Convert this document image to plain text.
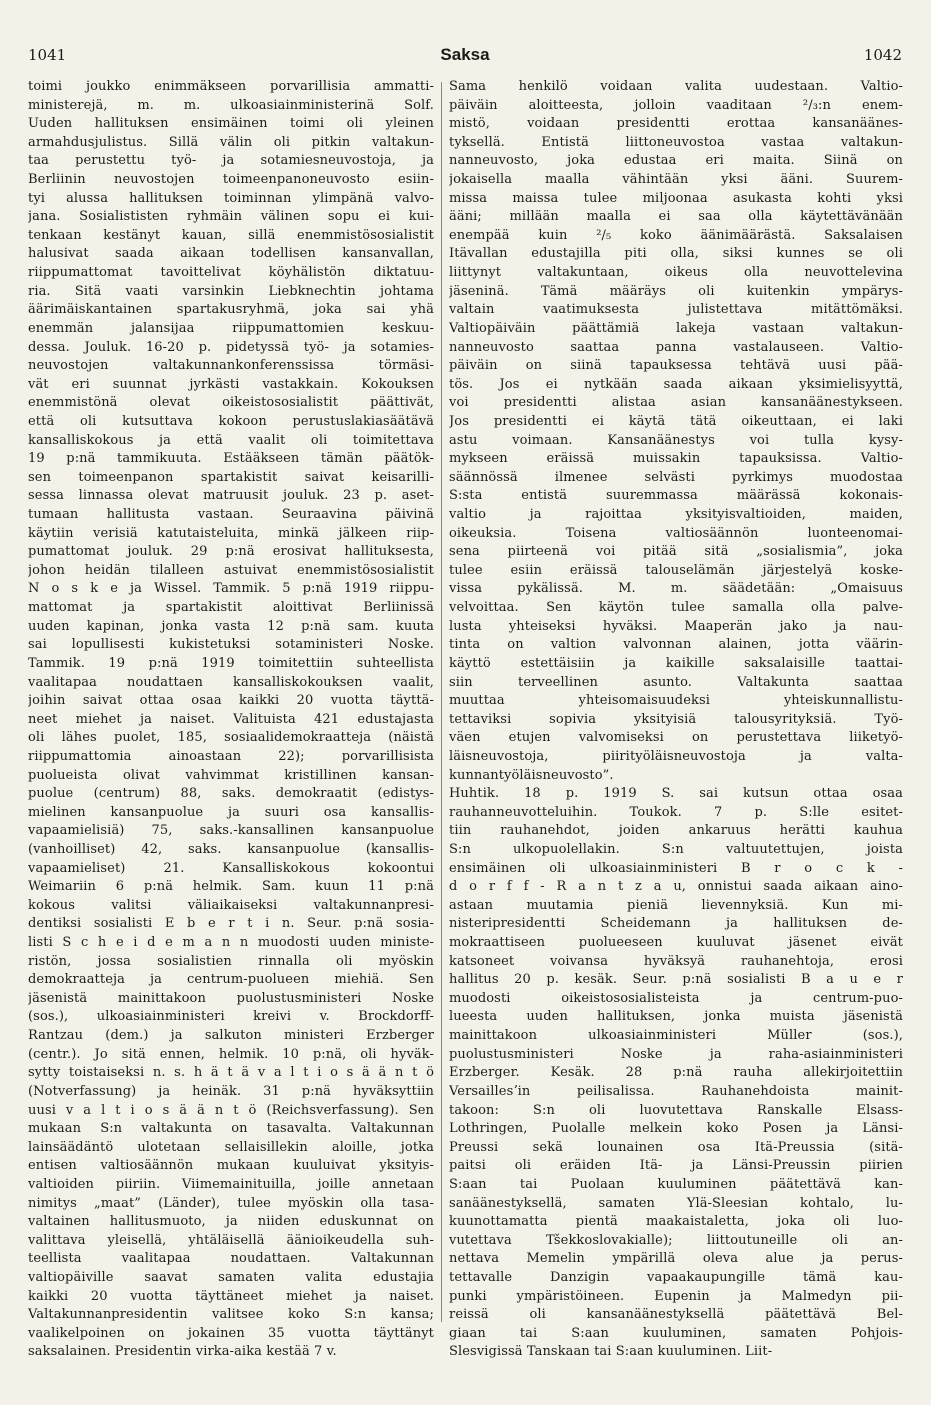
1041	Saksa	1042
toimi joukko enimmäkseen porvarillisia ammatti-
ministerejä, m. m. ulkoasiainministerinä Solf.
Uuden hallituksen ensimäinen toimi oli yleinen
armahdusjulistus. Sillä välin oli pitkin valtakun-
taa perustettu työ- ja sotamiesneuvostoja, ja
Berliinin neuvostojen toimeenpanoneuvosto esiin-
tyi alussa hallituksen toiminnan ylimpänä valvo-
jana. Sosialististen ryhmäin välinen sopu ei kui-
tenkaan kestänyt kauan, sillä enemmistösosialistit
halusivat saada aikaan todellisen kansanvallan,
riippumattomat tavoittelivat köyhälistön diktatuu-
ria. Sitä vaati varsinkin Liebknechtin johtama
äärimäiskantainen spartakusryhmä, joka sai yhä
enemmän jalansijaa riippumattomien keskuu-
dessa. Jouluk. 16-20 p. pidetyssä työ- ja sotamies-
neuvostojen valtakunnankonferenssissa törmäsi-
vät eri suunnat jyrkästi vastakkain. Kokouksen
enemmistönä olevat oikeistososialistit päättivät,
että oli kutsuttava kokoon perustuslakiasäätävä
kansalliskokous ja että vaalit oli toimitettava
19 p:nä tammikuuta. Estääkseen tämän päätök-
sen toimeenpanon spartakistit saivat keisarilli-
sessa linnassa olevat matruusit jouluk. 23 p. aset-
tumaan hallitusta vastaan. Seuraavina päivinä
käytiin verisiä katutaisteluita, minkä jälkeen riip-
pumattomat jouluk. 29 p:nä erosivat hallituksesta,
johon heidän tilalleen astuivat enemmistösosialistit
N o s k e ja Wissel. Tammik. 5 p:nä 1919 riippu-
mattomat ja spartakistit aloittivat Berliinissä
uuden kapinan, jonka vasta 12 p:nä sam. kuuta
sai lopullisesti kukistetuksi sotaministeri Noske.
Tammik. 19 p:nä 1919 toimitettiin suhteellista
vaalitapaa noudattaen kansalliskokouksen vaalit,
joihin saivat ottaa osaa kaikki 20 vuotta täyttä-
neet miehet ja naiset. Valituista 421 edustajasta
oli lähes puolet, 185, sosiaalidemokraatteja (näistä
riippumattomia ainoastaan 22); porvarillisista
puolueista olivat vahvimmat kristillinen kansan-
puolue (centrum) 88, saks. demokraatit (edistys-
mielinen kansanpuolue ja suuri osa kansallis-
vapaamielisiä) 75, saks.-kansallinen kansanpuolue
(vanhoilliset) 42, saks. kansanpuolue (kansallis-
vapaamieliset) 21. Kansalliskokous kokoontui
Weimariin 6 p:nä helmik. Sam. kuun 11 p:nä
kokous valitsi väliaikaiseksi valtakunnanpresi-
dentiksi sosialisti E b e r t i n. Seur. p:nä sosia-
listi S c h e i d e m a n n muodosti uuden ministe-
ristön, jossa sosialistien rinnalla oli myöskin
demokraatteja ja centrum-puolueen miehiä. Sen
jäsenistä mainittakoon puolustusministeri Noske
(sos.), ulkoasiainministeri kreivi v. Brockdorff-
Rantzau (dem.) ja salkuton ministeri Erzberger
(centr.). Jo sitä ennen, helmik. 10 p:nä, oli hyväk-
sytty toistaiseksi n. s. h ä t ä v a l t i o s ä ä n t ö
(Notverfassung) ja heinäk. 31 p:nä hyväksyttiin
uusi v a l t i o s ä ä n t ö (Reichsverfassung). Sen
mukaan S:n valtakunta on tasavalta. Valtakunnan
lainsäädäntö ulotetaan sellaisillekin aloille, jotka
entisen valtiosäännön mukaan kuuluivat yksityis-
valtioiden piiriin. Viimemainituilla, joille annetaan
nimitys „maat” (Länder), tulee myöskin olla tasa-
valtainen hallitusmuoto, ja niiden eduskunnat on
valittava yleisellä, yhtäläisellä äänioikeudella suh-
teellista vaalitapaa noudattaen. Valtakunnan
valtiopäiville saavat samaten valita edustajia
kaikki 20 vuotta täyttäneet miehet ja naiset.
Valtakunnanpresidentin valitsee koko S:n kansa;
vaalikelpoinen on jokainen 35 vuotta täyttänyt
saksalainen. Presidentin virka-aika kestää 7 v.
Sama henkilö voidaan valita uudestaan. Valtio-
päiväin aloitteesta, jolloin vaaditaan ²/₃:n enem-
mistö, voidaan presidentti erottaa kansanäänes-
tyksellä. Entistä liittoneuvostoa vastaa valtakun-
nanneuvosto, joka edustaa eri maita. Siinä on
jokaisella maalla vähintään yksi ääni. Suurem-
missa maissa tulee miljoonaa asukasta kohti yksi
ääni; millään maalla ei saa olla käytettävänään
enempää kuin ²/₅ koko äänimäärästä. Saksalaisen
Itävallan edustajilla piti olla, siksi kunnes se oli
liittynyt valtakuntaan, oikeus olla neuvottelevina
jäseninä. Tämä määräys oli kuitenkin ympärys-
valtain vaatimuksesta julistettava mitättömäksi.
Valtiopäiväin päättämiä lakeja vastaan valtakun-
nanneuvosto saattaa panna vastalauseen. Valtio-
päiväin on siinä tapauksessa tehtävä uusi pää-
tös. Jos ei nytkään saada aikaan yksimielisyyttä,
voi presidentti alistaa asian kansanäänestykseen.
Jos presidentti ei käytä tätä oikeuttaan, ei laki
astu voimaan. Kansanäänestys voi tulla kysy-
mykseen eräissä muissakin tapauksissa. Valtio-
säännössä ilmenee selvästi pyrkimys muodostaa
S:sta entistä suuremmassa määrässä kokonais-
valtio ja rajoittaa yksityisvaltioiden, maiden,
oikeuksia. Toisena valtiosäännön luonteenomai-
sena piirteenä voi pitää sitä „sosialismia”, joka
tulee esiin eräissä talouselämän järjestelyä koske-
vissa pykälissä. M. m. säädetään: „Omaisuus
velvoittaa. Sen käytön tulee samalla olla palve-
lusta yhteiseksi hyväksi. Maaperän jako ja nau-
tinta on valtion valvonnan alainen, jotta väärin-
käyttö estettäisiin ja kaikille saksalaisille taattai-
siin terveellinen asunto. Valtakunta saattaa
muuttaa yhteisomaisuudeksi yhteiskunnallistu-
tettaviksi sopivia yksityisiä talousyrityksiä. Työ-
väen etujen valvomiseksi on perustettava liiketyö-
läisneuvostoja, piirityöläisneuvostoja ja valta-
kunnantyöläisneuvosto”.
Huhtik. 18 p. 1919 S. sai kutsun ottaa osaa
rauhanneuvotteluihin. Toukok. 7 p. S:lle esitet-
tiin rauhanehdot, joiden ankaruus herätti kauhua
S:n ulkopuolellakin. S:n valtuutettujen, joista
ensimäinen oli ulkoasiainministeri B r o c k -
d o r f f - R a n t z a u, onnistui saada aikaan aino-
astaan muutamia pieniä lievennyksiä. Kun mi-
nisteripresidentti Scheidemann ja hallituksen de-
mokraattiseen puolueeseen kuuluvat jäsenet eivät
katsoneet voivansa hyväksyä rauhanehtoja, erosi
hallitus 20 p. kesäk. Seur. p:nä sosialisti B a u e r
muodosti oikeistososialisteista ja centrum-puo-
lueesta uuden hallituksen, jonka muista jäsenistä
mainittakoon ulkoasiainministeri Müller (sos.),
puolustusministeri Noske ja raha-asiainministeri
Erzberger. Kesäk. 28 p:nä rauha allekirjoitettiin
Versaillesʼin peilisalissa. Rauhanehdoista mainit-
takoon: S:n oli luovutettava Ranskalle Elsass-
Lothringen, Puolalle melkein koko Posen ja Länsi-
Preussi sekä lounainen osa Itä-Preussia (sitä-
paitsi oli eräiden Itä- ja Länsi-Preussin piirien
S:aan tai Puolaan kuuluminen päätettävä kan-
sanäänestyksellä, samaten Ylä-Sleesian kohtalo, lu-
kuunottamatta pientä maakaistaletta, joka oli luo-
vutettava Tšekkoslovakialle); liittoutuneille oli an-
nettava Memelin ympärillä oleva alue ja perus-
tettavalle Danzigin vapaakaupungille tämä kau-
punki ympäristöineen. Eupenin ja Malmedyn pii-
reissä oli kansanäänestyksellä päätettävä Bel-
giaan tai S:aan kuuluminen, samaten Pohjois-
Slesvigissä Tanskaan tai S:aan kuuluminen. Liit-
